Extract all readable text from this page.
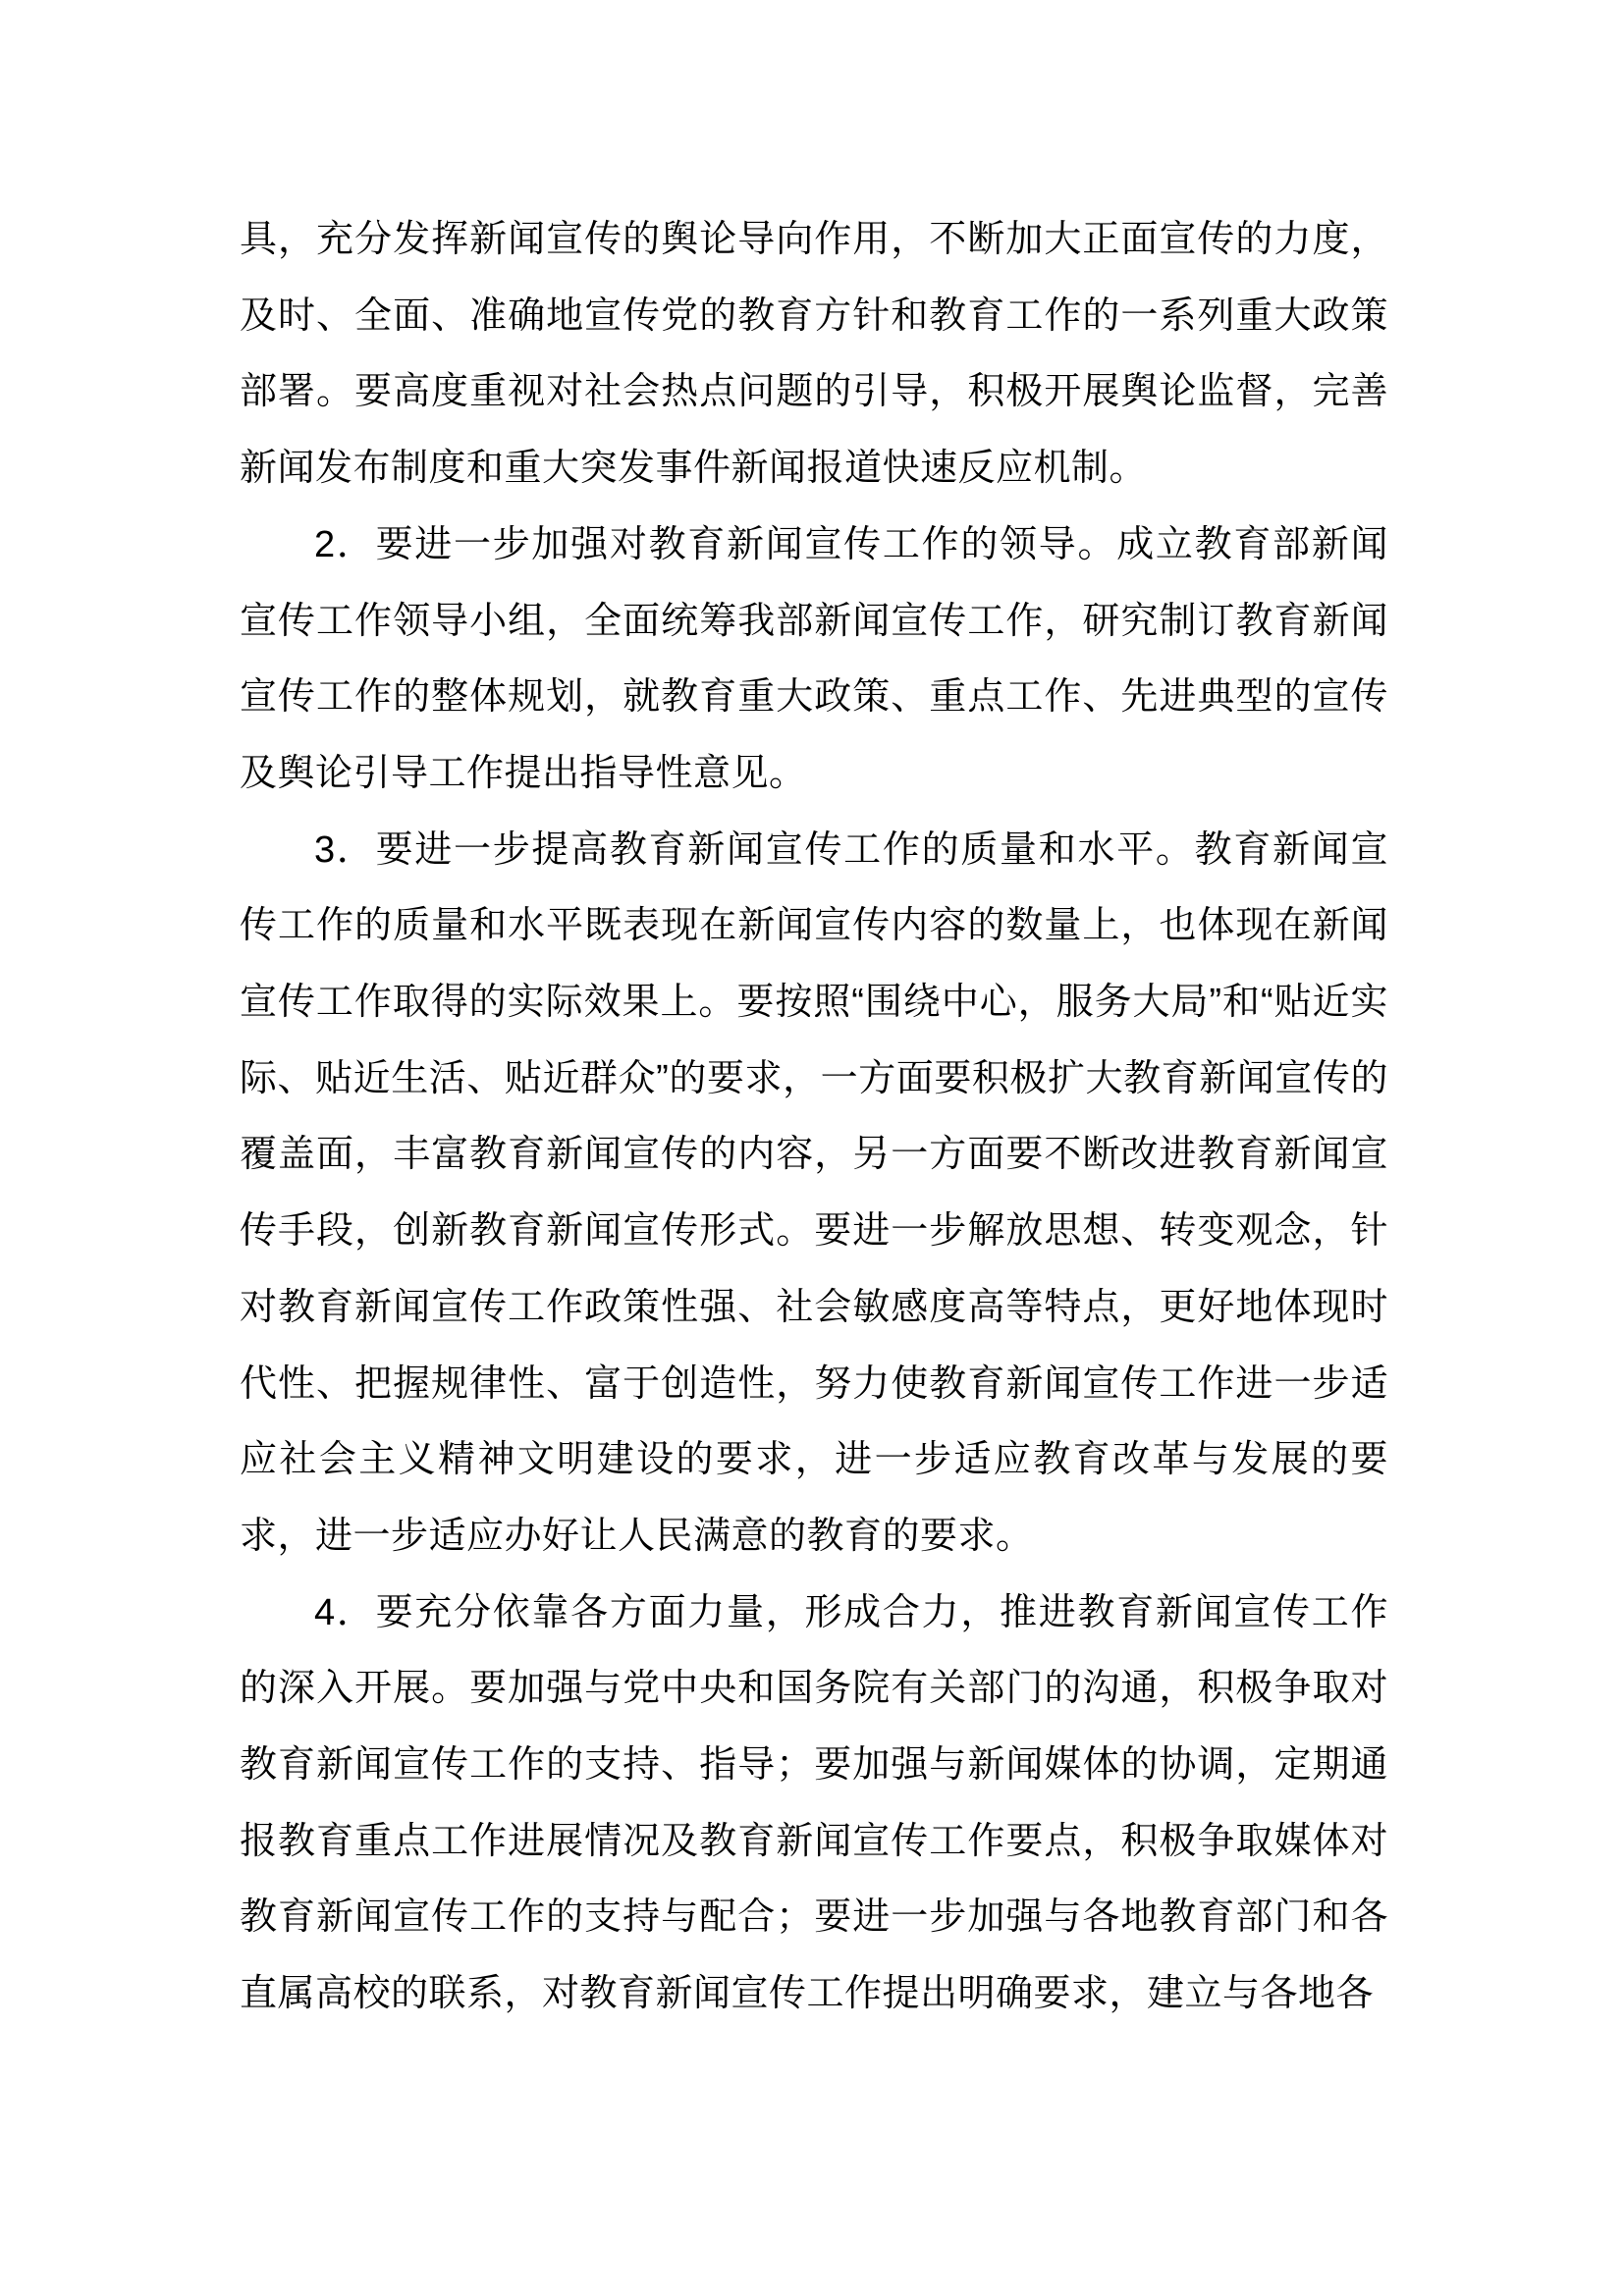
具，充分发挥新闻宣传的舆论导向作用，不断加大正面宣传的力度，及时、全面、准确地宣传党的教育方针和教育工作的一系列重大政策部署。要高度重视对社会热点问题的引导，积极开展舆论监督，完善新闻发布制度和重大突发事件新闻报道快速反应机制。

2．要进一步加强对教育新闻宣传工作的领导。成立教育部新闻宣传工作领导小组，全面统筹我部新闻宣传工作，研究制订教育新闻宣传工作的整体规划，就教育重大政策、重点工作、先进典型的宣传及舆论引导工作提出指导性意见。

3．要进一步提高教育新闻宣传工作的质量和水平。教育新闻宣传工作的质量和水平既表现在新闻宣传内容的数量上，也体现在新闻宣传工作取得的实际效果上。要按照“围绕中心，服务大局”和“贴近实际、贴近生活、贴近群众”的要求，一方面要积极扩大教育新闻宣传的覆盖面，丰富教育新闻宣传的内容，另一方面要不断改进教育新闻宣传手段，创新教育新闻宣传形式。要进一步解放思想、转变观念，针对教育新闻宣传工作政策性强、社会敏感度高等特点，更好地体现时代性、把握规律性、富于创造性，努力使教育新闻宣传工作进一步适应社会主义精神文明建设的要求，进一步适应教育改革与发展的要求，进一步适应办好让人民满意的教育的要求。

4．要充分依靠各方面力量，形成合力，推进教育新闻宣传工作的深入开展。要加强与党中央和国务院有关部门的沟通，积极争取对教育新闻宣传工作的支持、指导；要加强与新闻媒体的协调，定期通报教育重点工作进展情况及教育新闻宣传工作要点，积极争取媒体对教育新闻宣传工作的支持与配合；要进一步加强与各地教育部门和各直属高校的联系，对教育新闻宣传工作提出明确要求，建立与各地各
